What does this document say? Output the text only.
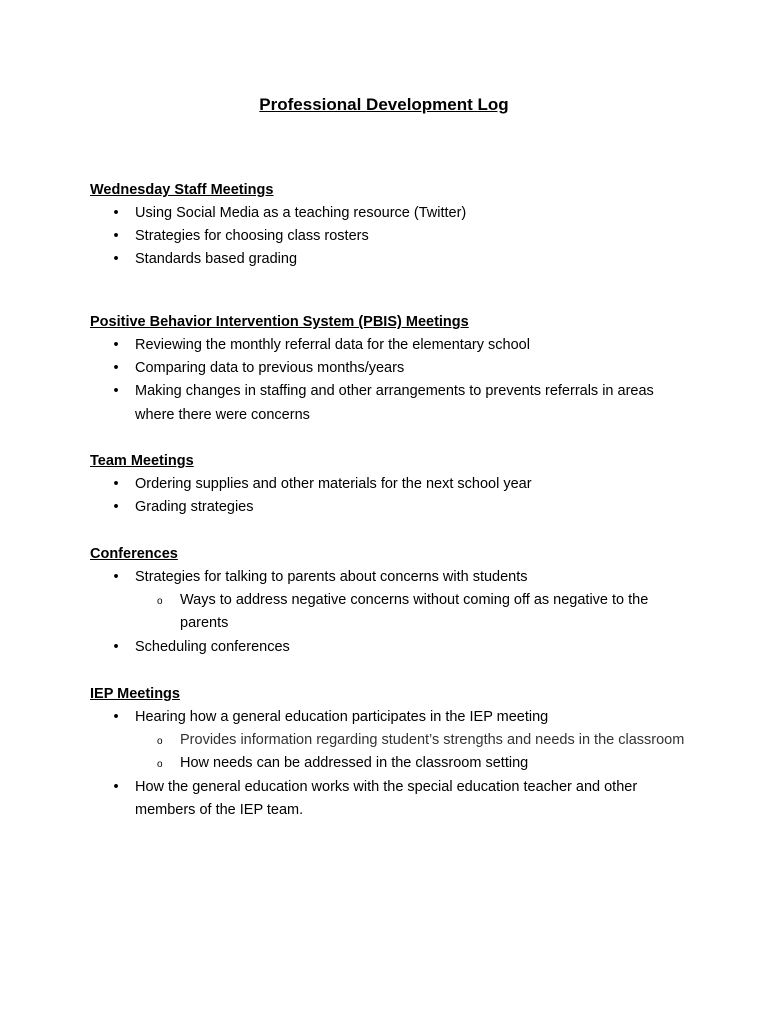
Professional Development Log
Wednesday Staff Meetings
• Using Social Media as a teaching resource (Twitter)
• Strategies for choosing class rosters
• Standards based grading
Positive Behavior Intervention System (PBIS) Meetings
• Reviewing the monthly referral data for the elementary school
• Comparing data to previous months/years
• Making changes in staffing and other arrangements to prevents referrals in areas where there were concerns
Team Meetings
• Ordering supplies and other materials for the next school year
• Grading strategies
Conferences
• Strategies for talking to parents about concerns with students
o Ways to address negative concerns without coming off as negative to the parents
• Scheduling conferences
IEP Meetings
• Hearing how a general education participates in the IEP meeting
o Provides information regarding student’s strengths and needs in the classroom
o How needs can be addressed in the classroom setting
• How the general education works with the special education teacher and other members of the IEP team.
